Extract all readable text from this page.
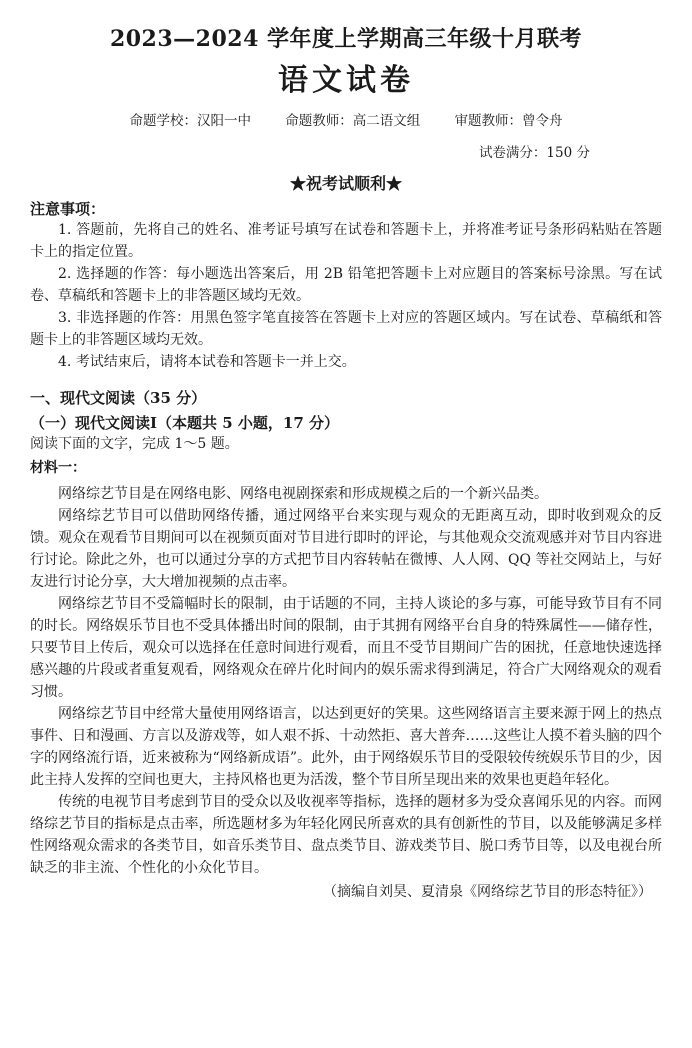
2023—2024 学年度上学期高三年级十月联考
语文试卷
命题学校：汉阳一中	命题教师：高二语文组	审题教师：曾令舟
试卷满分：150 分
★祝考试顺利★
注意事项：

1. 答题前，先将自己的姓名、准考证号填写在试卷和答题卡上，并将准考证号条形码粘贴在答题卡上的指定位置。

2. 选择题的作答：每小题选出答案后，用 2B 铅笔把答题卡上对应题目的答案标号涂黑。写在试卷、草稿纸和答题卡上的非答题区域均无效。

3. 非选择题的作答：用黑色签字笔直接答在答题卡上对应的答题区域内。写在试卷、草稿纸和答题卡上的非答题区域均无效。

4. 考试结束后，请将本试卷和答题卡一并上交。

一、现代文阅读（35 分）
（一）现代文阅读Ⅰ（本题共 5 小题，17 分）

阅读下面的文字，完成 1～5 题。

材料一：

网络综艺节目是在网络电影、网络电视剧探索和形成规模之后的一个新兴品类。

网络综艺节目可以借助网络传播，通过网络平台来实现与观众的无距离互动，即时收到观众的反馈。观众在观看节目期间可以在视频页面对节目进行即时的评论，与其他观众交流观感并对节目内容进行讨论。除此之外，也可以通过分享的方式把节目内容转帖在微博、人人网、QQ 等社交网站上，与好友进行讨论分享，大大增加视频的点击率。

网络综艺节目不受篇幅时长的限制，由于话题的不同，主持人谈论的多与寡，可能导致节目有不同的时长。网络娱乐节目也不受具体播出时间的限制，由于其拥有网络平台自身的特殊属性——储存性，只要节目上传后，观众可以选择在任意时间进行观看，而且不受节目期间广告的困扰，任意地快速选择感兴趣的片段或者重复观看，网络观众在碎片化时间内的娱乐需求得到满足，符合广大网络观众的观看习惯。

网络综艺节目中经常大量使用网络语言，以达到更好的笑果。这些网络语言主要来源于网上的热点事件、日和漫画、方言以及游戏等，如人艰不拆、十动然拒、喜大普奔……这些让人摸不着头脑的四个字的网络流行语，近来被称为“网络新成语”。此外，由于网络娱乐节目的受限较传统娱乐节目的少，因此主持人发挥的空间也更大，主持风格也更为活泼，整个节目所呈现出来的效果也更趋年轻化。

传统的电视节目考虑到节目的受众以及收视率等指标，选择的题材多为受众喜闻乐见的内容。而网络综艺节目的指标是点击率，所选题材多为年轻化网民所喜欢的具有创新性的节目，以及能够满足多样性网络观众需求的各类节目，如音乐类节目、盘点类节目、游戏类节目、脱口秀节目等，以及电视台所缺乏的非主流、个性化的小众化节目。

（摘编自刘昊、夏清泉《网络综艺节目的形态特征》）
